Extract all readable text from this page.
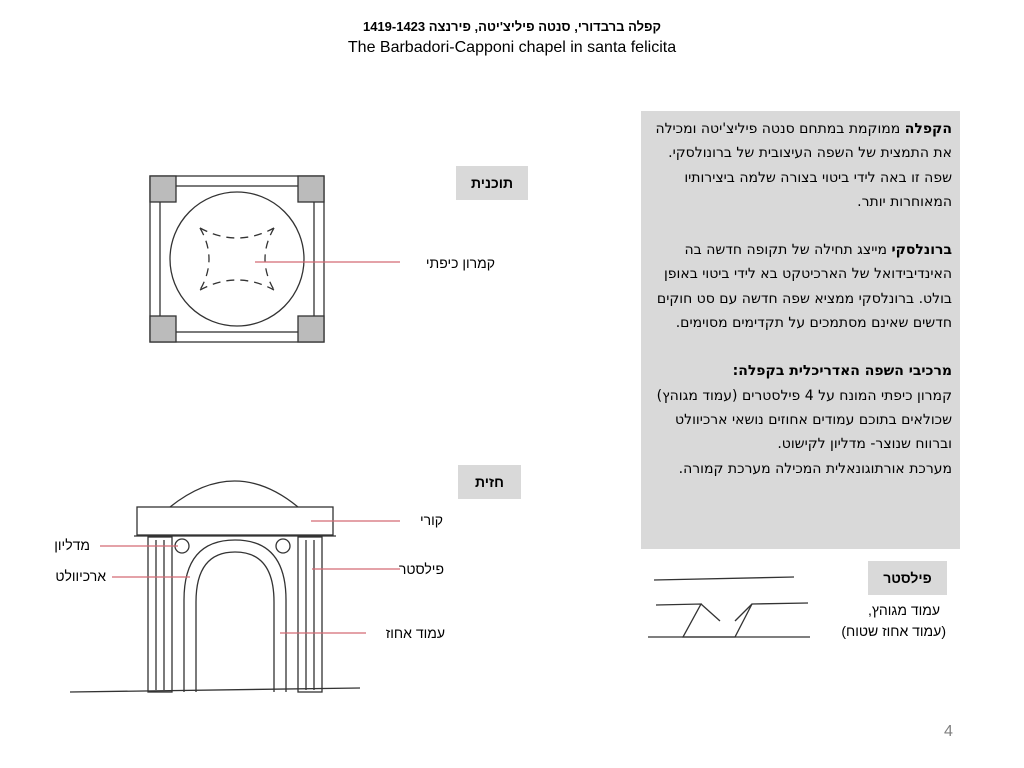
קפלה ברבדורי, סנטה פיליצ'יטה, פירנצה 1419-1423
The Barbadori-Capponi chapel in santa felicita
תוכנית
חזית
פילסטר
קמרון כיפתי
קורי
מדליון
פילסטר
ארכיוולט
עמוד אחוז
עמוד מגוהץ,
(עמוד אחוז שטוח)

הקפלה ממוקמת במתחם סנטה פיליצ'יטה ומכילה את התמצית של השפה העיצובית של ברונולסקי. שפה זו באה לידי ביטוי בצורה שלמה ביצירותיו המאוחרות יותר.

ברונלסקי מייצג תחילה של תקופה חדשה בה האינדיבידואל של הארכיטקט בא לידי ביטוי באופן בולט. ברונלסקי ממציא שפה חדשה עם סט חוקים חדשים שאינם מסתמכים על תקדימים מסוימים.

מרכיבי השפה האדריכלית בקפלה:
קמרון כיפתי המונח על 4 פילסטרים (עמוד מגוהץ) שכולאים בתוכם עמודים אחוזים נושאי ארכיוולט וברווח שנוצר- מדליון לקישוט.
מערכת אורתוגונאלית המכילה מערכת קמורה.

4
